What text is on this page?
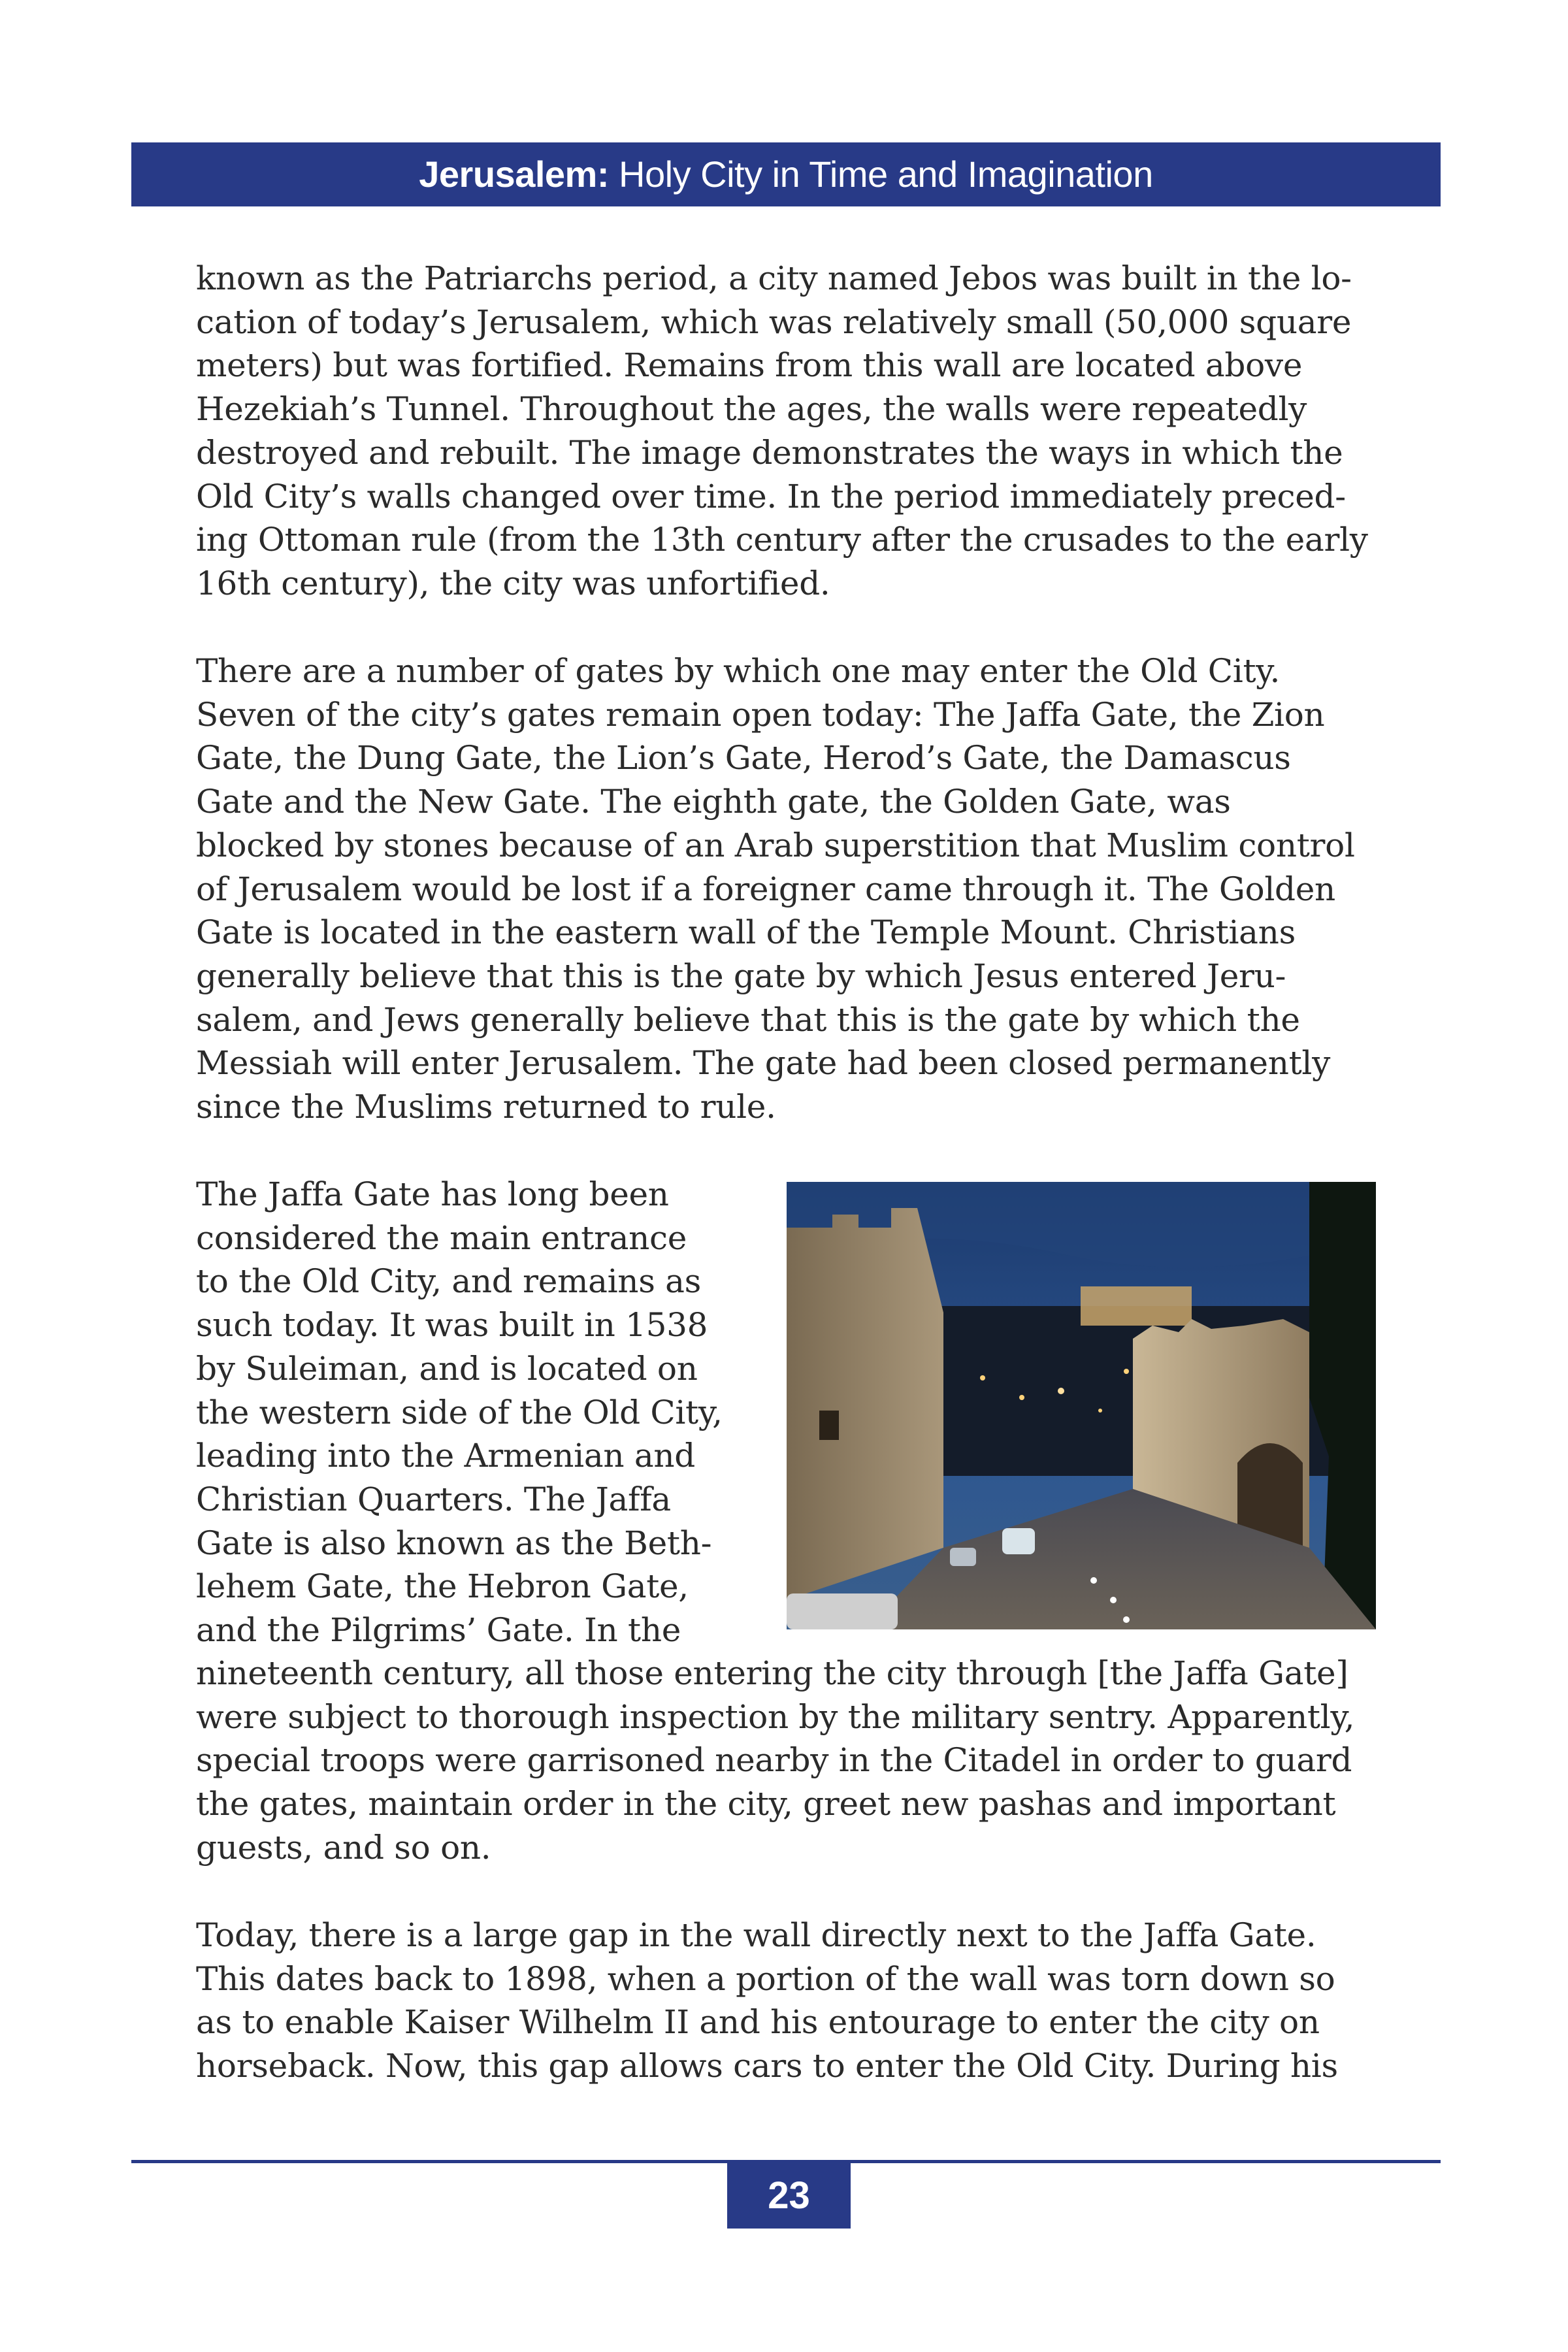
Jerusalem: Holy City in Time and Imagination
known as the Patriarchs period, a city named Jebos was built in the lo-
cation of today’s Jerusalem, which was relatively small (50,000 square
meters) but was fortified. Remains from this wall are located above
Hezekiah’s Tunnel. Throughout the ages, the walls were repeatedly
destroyed and rebuilt. The image demonstrates the ways in which the
Old City’s walls changed over time. In the period immediately preced-
ing Ottoman rule (from the 13th century after the crusades to the early
16th century), the city was unfortified.
There are a number of gates by which one may enter the Old City.
Seven of the city’s gates remain open today: The Jaffa Gate, the Zion
Gate, the Dung Gate, the Lion’s Gate, Herod’s Gate, the Damascus
Gate and the New Gate. The eighth gate, the Golden Gate, was
blocked by stones because of an Arab superstition that Muslim control
of Jerusalem would be lost if a foreigner came through it. The Golden
Gate is located in the eastern wall of the Temple Mount. Christians
generally believe that this is the gate by which Jesus entered Jeru-
salem, and Jews generally believe that this is the gate by which the
Messiah will enter Jerusalem. The gate had been closed permanently
since the Muslims returned to rule.
The Jaffa Gate has long been
considered the main entrance
to the Old City, and remains as
such today. It was built in 1538
by Suleiman, and is located on
the western side of the Old City,
leading into the Armenian and
Christian Quarters. The Jaffa
Gate is also known as the Beth-
lehem Gate, the Hebron Gate,
and the Pilgrims’ Gate. In the
nineteenth century, all those entering the city through [the Jaffa Gate]
were subject to thorough inspection by the military sentry. Apparently,
special troops were garrisoned nearby in the Citadel in order to guard
the gates, maintain order in the city, greet new pashas and important
guests, and so on.
Today, there is a large gap in the wall directly next to the Jaffa Gate.
This dates back to 1898, when a portion of the wall was torn down so
as to enable Kaiser Wilhelm II and his entourage to enter the city on
horseback. Now, this gap allows cars to enter the Old City. During his
23
